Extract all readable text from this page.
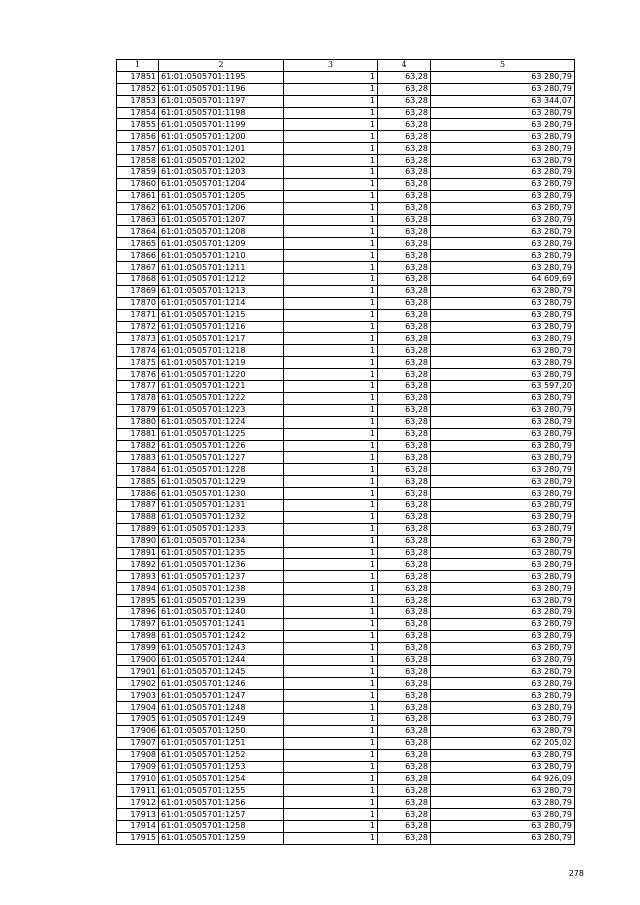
1	2	3	4	5
17851	61:01:0505701:1195	1	63,28	63 280,79
17852	61:01:0505701:1196	1	63,28	63 280,79
17853	61:01:0505701:1197	1	63,28	63 344,07
17854	61:01:0505701:1198	1	63,28	63 280,79
17855	61:01:0505701:1199	1	63,28	63 280,79
17856	61:01:0505701:1200	1	63,28	63 280,79
17857	61:01:0505701:1201	1	63,28	63 280,79
17858	61:01:0505701:1202	1	63,28	63 280,79
17859	61:01:0505701:1203	1	63,28	63 280,79
17860	61:01:0505701:1204	1	63,28	63 280,79
17861	61:01:0505701:1205	1	63,28	63 280,79
17862	61:01:0505701:1206	1	63,28	63 280,79
17863	61:01:0505701:1207	1	63,28	63 280,79
17864	61:01:0505701:1208	1	63,28	63 280,79
17865	61:01:0505701:1209	1	63,28	63 280,79
17866	61:01:0505701:1210	1	63,28	63 280,79
17867	61:01:0505701:1211	1	63,28	63 280,79
17868	61:01:0505701:1212	1	63,28	64 609,69
17869	61:01:0505701:1213	1	63,28	63 280,79
17870	61:01:0505701:1214	1	63,28	63 280,79
17871	61:01:0505701:1215	1	63,28	63 280,79
17872	61:01:0505701:1216	1	63,28	63 280,79
17873	61:01:0505701:1217	1	63,28	63 280,79
17874	61:01:0505701:1218	1	63,28	63 280,79
17875	61:01:0505701:1219	1	63,28	63 280,79
17876	61:01:0505701:1220	1	63,28	63 280,79
17877	61:01:0505701:1221	1	63,28	63 597,20
17878	61:01:0505701:1222	1	63,28	63 280,79
17879	61:01:0505701:1223	1	63,28	63 280,79
17880	61:01:0505701:1224	1	63,28	63 280,79
17881	61:01:0505701:1225	1	63,28	63 280,79
17882	61:01:0505701:1226	1	63,28	63 280,79
17883	61:01:0505701:1227	1	63,28	63 280,79
17884	61:01:0505701:1228	1	63,28	63 280,79
17885	61:01:0505701:1229	1	63,28	63 280,79
17886	61:01:0505701:1230	1	63,28	63 280,79
17887	61:01:0505701:1231	1	63,28	63 280,79
17888	61:01:0505701:1232	1	63,28	63 280,79
17889	61:01:0505701:1233	1	63,28	63 280,79
17890	61:01:0505701:1234	1	63,28	63 280,79
17891	61:01:0505701:1235	1	63,28	63 280,79
17892	61:01:0505701:1236	1	63,28	63 280,79
17893	61:01:0505701:1237	1	63,28	63 280,79
17894	61:01:0505701:1238	1	63,28	63 280,79
17895	61:01:0505701:1239	1	63,28	63 280,79
17896	61:01:0505701:1240	1	63,28	63 280,79
17897	61:01:0505701:1241	1	63,28	63 280,79
17898	61:01:0505701:1242	1	63,28	63 280,79
17899	61:01:0505701:1243	1	63,28	63 280,79
17900	61:01:0505701:1244	1	63,28	63 280,79
17901	61:01:0505701:1245	1	63,28	63 280,79
17902	61:01:0505701:1246	1	63,28	63 280,79
17903	61:01:0505701:1247	1	63,28	63 280,79
17904	61:01:0505701:1248	1	63,28	63 280,79
17905	61:01:0505701:1249	1	63,28	63 280,79
17906	61:01:0505701:1250	1	63,28	63 280,79
17907	61:01:0505701:1251	1	63,28	62 205,02
17908	61:01:0505701:1252	1	63,28	63 280,79
17909	61:01:0505701:1253	1	63,28	63 280,79
17910	61:01:0505701:1254	1	63,28	64 926,09
17911	61:01:0505701:1255	1	63,28	63 280,79
17912	61:01:0505701:1256	1	63,28	63 280,79
17913	61:01:0505701:1257	1	63,28	63 280,79
17914	61:01:0505701:1258	1	63,28	63 280,79
17915	61:01:0505701:1259	1	63,28	63 280,79
278
